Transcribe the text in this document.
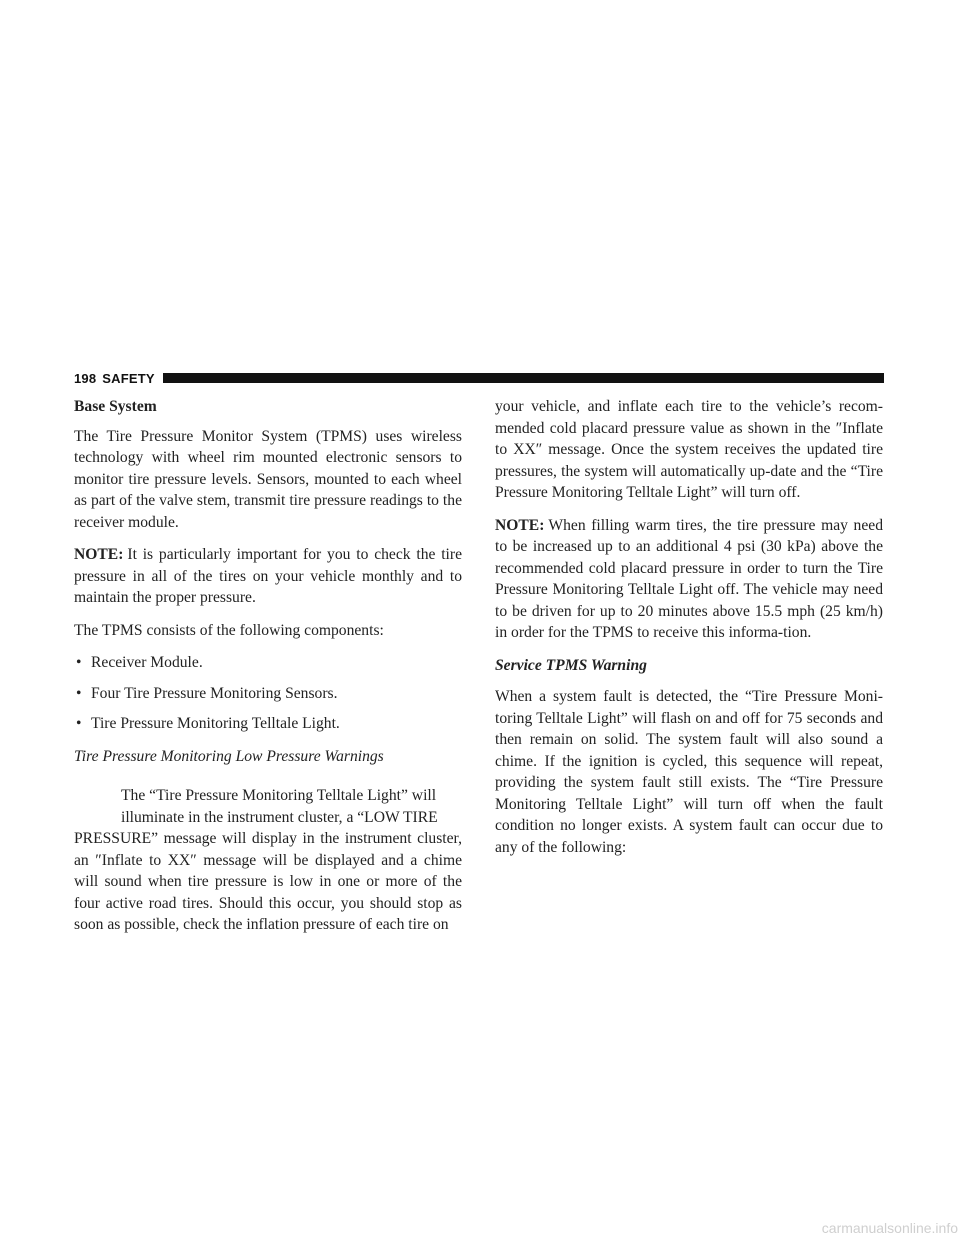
198 SAFETY
Base System

The Tire Pressure Monitor System (TPMS) uses wireless technology with wheel rim mounted electronic sensors to monitor tire pressure levels. Sensors, mounted to each wheel as part of the valve stem, transmit tire pressure readings to the receiver module.

NOTE: It is particularly important for you to check the tire pressure in all of the tires on your vehicle monthly and to maintain the proper pressure.

The TPMS consists of the following components:

• Receiver Module.
• Four Tire Pressure Monitoring Sensors.
• Tire Pressure Monitoring Telltale Light.
Tire Pressure Monitoring Low Pressure Warnings
The “Tire Pressure Monitoring Telltale Light” will
illuminate in the instrument cluster, a “LOW TIRE

PRESSURE” message will display in the instrument cluster, an ″Inflate to XX″ message will be displayed and a chime will sound when tire pressure is low in one or more of the four active road tires. Should this occur, you should stop as soon as possible, check the inflation pressure of each tire on

your vehicle, and inflate each tire to the vehicle’s recom-mended cold placard pressure value as shown in the ″Inflate to XX″ message. Once the system receives the updated tire pressures, the system will automatically up-date and the “Tire Pressure Monitoring Telltale Light” will turn off.

NOTE: When filling warm tires, the tire pressure may need to be increased up to an additional 4 psi (30 kPa) above the recommended cold placard pressure in order to turn the Tire Pressure Monitoring Telltale Light off. The vehicle may need to be driven for up to 20 minutes above 15.5 mph (25 km/h) in order for the TPMS to receive this informa-tion.

Service TPMS Warning

When a system fault is detected, the “Tire Pressure Moni-toring Telltale Light” will flash on and off for 75 seconds and then remain on solid. The system fault will also sound a chime. If the ignition is cycled, this sequence will repeat, providing the system fault still exists. The “Tire Pressure Monitoring Telltale Light” will turn off when the fault condition no longer exists. A system fault can occur due to any of the following:

carmanualsonline.info
